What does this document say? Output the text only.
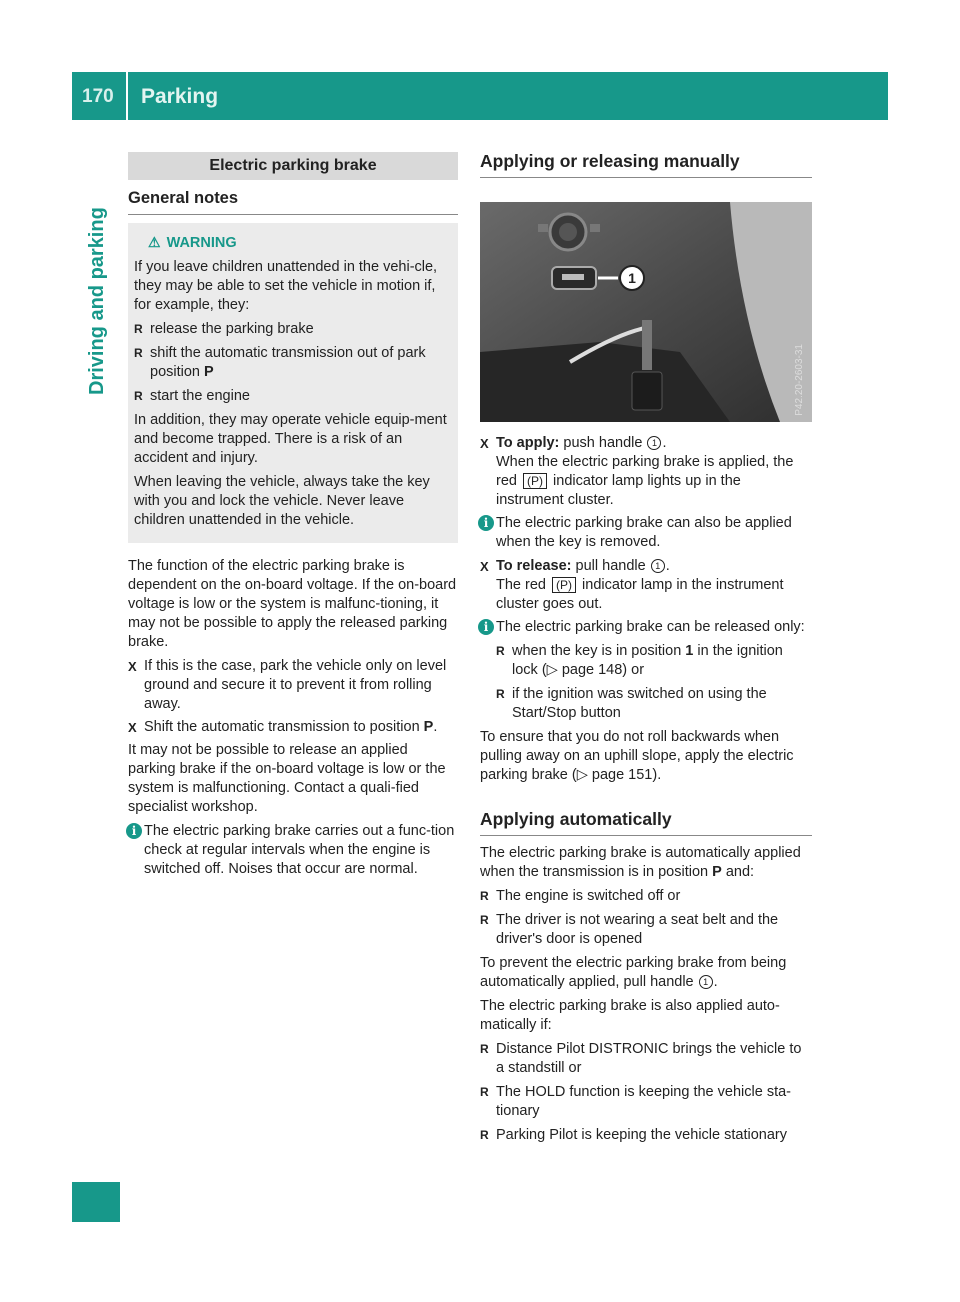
170 Parking
Driving and parking
Electric parking brake
General notes
⚠ WARNING

If you leave children unattended in the vehi-cle, they may be able to set the vehicle in motion if, for example, they:

R release the parking brake
R shift the automatic transmission out of park position P
R start the engine

In addition, they may operate vehicle equip-ment and become trapped. There is a risk of an accident and injury.

When leaving the vehicle, always take the key with you and lock the vehicle. Never leave children unattended in the vehicle.

The function of the electric parking brake is dependent on the on-board voltage. If the on-board voltage is low or the system is malfunc-tioning, it may not be possible to apply the released parking brake.

X If this is the case, park the vehicle only on level ground and secure it to prevent it from rolling away.
X Shift the automatic transmission to position P.

It may not be possible to release an applied parking brake if the on-board voltage is low or the system is malfunctioning. Contact a quali-fied specialist workshop.

i The electric parking brake carries out a func-tion check at regular intervals when the engine is switched off. Noises that occur are normal.
Applying or releasing manually
1
P42.20-2603-31
X To apply: push handle 1 .
When the electric parking brake is applied, the red (P) indicator lamp lights up in the instrument cluster.
i The electric parking brake can also be applied when the key is removed.
X To release: pull handle 1 .
The red (P) indicator lamp in the instrument cluster goes out.
i The electric parking brake can be released only:
R when the key is in position 1 in the ignition lock (▷ page 148) or
R if the ignition was switched on using the Start/Stop button

To ensure that you do not roll backwards when pulling away on an uphill slope, apply the electric parking brake (▷ page 151).

Applying automatically

The electric parking brake is automatically applied when the transmission is in position P and:

R The engine is switched off or
R The driver is not wearing a seat belt and the driver's door is opened

To prevent the electric parking brake from being automatically applied, pull handle 1 .

The electric parking brake is also applied auto-matically if:

R Distance Pilot DISTRONIC brings the vehicle to a standstill or
R The HOLD function is keeping the vehicle sta-tionary
R Parking Pilot is keeping the vehicle stationary
